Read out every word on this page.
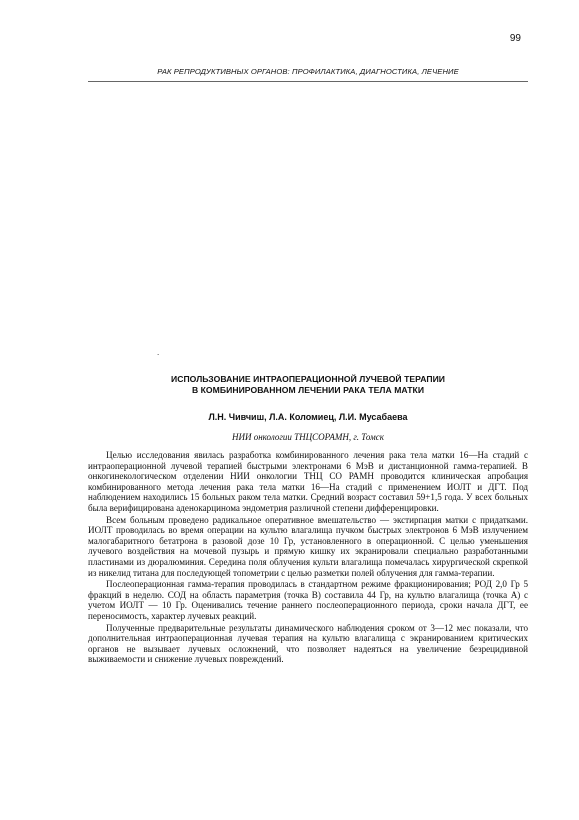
99
РАК РЕПРОДУКТИВНЫХ ОРГАНОВ: ПРОФИЛАКТИКА, ДИАГНОСТИКА, ЛЕЧЕНИЕ
.
ИСПОЛЬЗОВАНИЕ ИНТРАОПЕРАЦИОННОЙ ЛУЧЕВОЙ ТЕРАПИИ
В КОМБИНИРОВАННОМ ЛЕЧЕНИИ РАКА ТЕЛА МАТКИ
Л.Н. Чивчиш, Л.А. Коломиец, Л.И. Мусабаева
НИИ онкологии ТНЦСОРАМН, г. Томск

Целью исследования явилась разработка комбинированного лечения рака тела матки 16—На стадий с интраоперационной лучевой терапией быстрыми электронами 6 МэВ и дистанционной гамма-терапией. В онкогинекологическом отделении НИИ онкологии ТНЦ СО РАМН проводится клиническая апробация комбинированного метода лечения рака тела матки 16—На стадий с применением ИОЛТ и ДГТ. Под наблюдением находились 15 больных раком тела матки. Средний возраст составил 59+1,5 года. У всех больных была верифицирована аденокарцинома эндометрия различной степени дифференцировки.

Всем больным проведено радикальное оперативное вмешательство — экстирпация матки с придатками. ИОЛТ проводилась во время операции на культю влагалища пучком быстрых электронов 6 МэВ излучением малогабаритного бетатрона в разовой дозе 10 Гр, установленного в операционной. С целью уменьшения лучевого воздействия на мочевой пузырь и прямую кишку их экранировали специально разработанными пластинами из дюралюминия. Середина поля облучения культи влагалища помечалась хирургической скрепкой из никелид титана для последующей топометрии с целью разметки полей облучения для гамма-терапии.

Послеоперационная гамма-терапия проводилась в стандартном режиме фракционирования; РОД 2,0 Гр 5 фракций в неделю. СОД на область параметрия (точка В) составила 44 Гр, на культю влагалища (точка А) с учетом ИОЛТ — 10 Гр. Оценивались течение раннего послеоперационного периода, сроки начала ДГТ, ее переносимость, характер лучевых реакций.

Полученные предварительные результаты динамического наблюдения сроком от 3—12 мес показали, что дополнительная интраоперационная лучевая терапия на культю влагалища с экранированием критических органов не вызывает лучевых осложнений, что позволяет надеяться на увеличение безрецидивной выживаемости и снижение лучевых повреждений.
